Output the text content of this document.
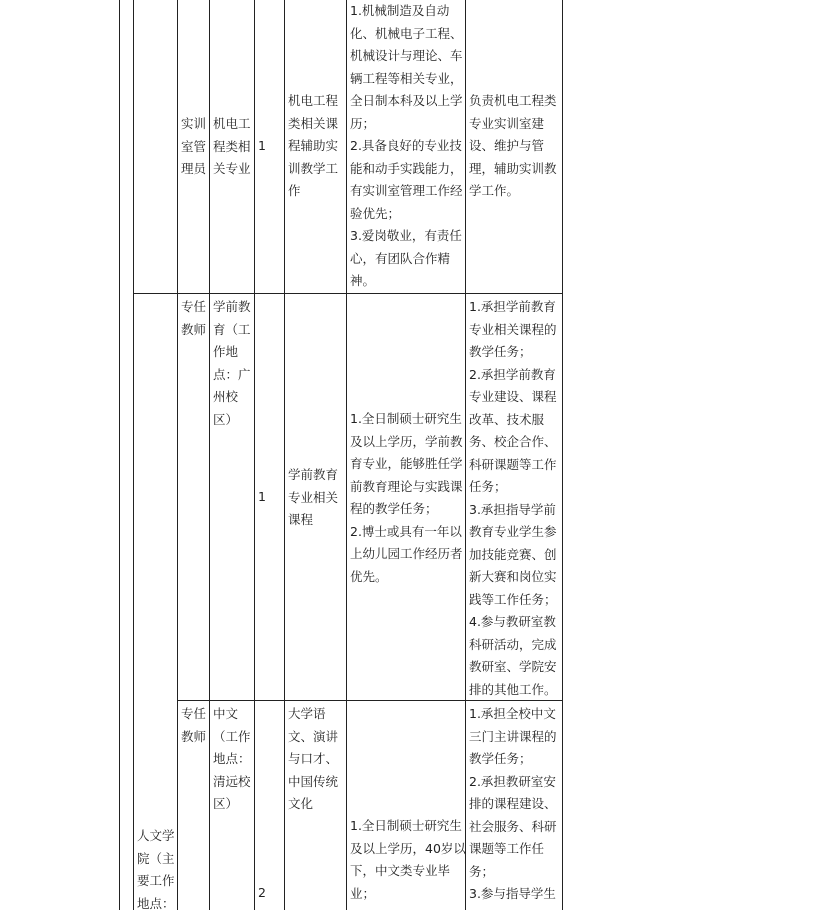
实训
室管
理员
机电工
程类相
关专业
1
机电工程
类相关课
程辅助实
训教学工
作
1.机械制造及自动
化、机械电子工程、
机械设计与理论、车
辆工程等相关专业，
全日制本科及以上学
历；
2.具备良好的专业技
能和动手实践能力，
有实训室管理工作经
验优先；
3.爱岗敬业，有责任
心，有团队合作精
神。
负责机电工程类
专业实训室建
设、维护与管
理，辅助实训教
学工作。
专任
教师
学前教
育（工
作地
点：广
州校
区）
1
学前教育
专业相关
课程
1.全日制硕士研究生
及以上学历，学前教
育专业，能够胜任学
前教育理论与实践课
程的教学任务；
2.博士或具有一年以
上幼儿园工作经历者
优先。
1.承担学前教育
专业相关课程的
教学任务；
2.承担学前教育
专业建设、课程
改革、技术服
务、校企合作、
科研课题等工作
任务；
3.承担指导学前
教育专业学生参
加技能竞赛、创
新大赛和岗位实
践等工作任务；
4.参与教研室教
科研活动，完成
教研室、学院安
排的其他工作。
人文学
院（主
要工作
地点：
专任
教师
中文
（工作
地点：
清远校
区）
2
大学语
文、演讲
与口才、
中国传统
文化
1.全日制硕士研究生
及以上学历，40岁以
下，中文类专业毕
业；
1.承担全校中文
三门主讲课程的
教学任务；
2.承担教研室安
排的课程建设、
社会服务、科研
课题等工作任
务；
3.参与指导学生
